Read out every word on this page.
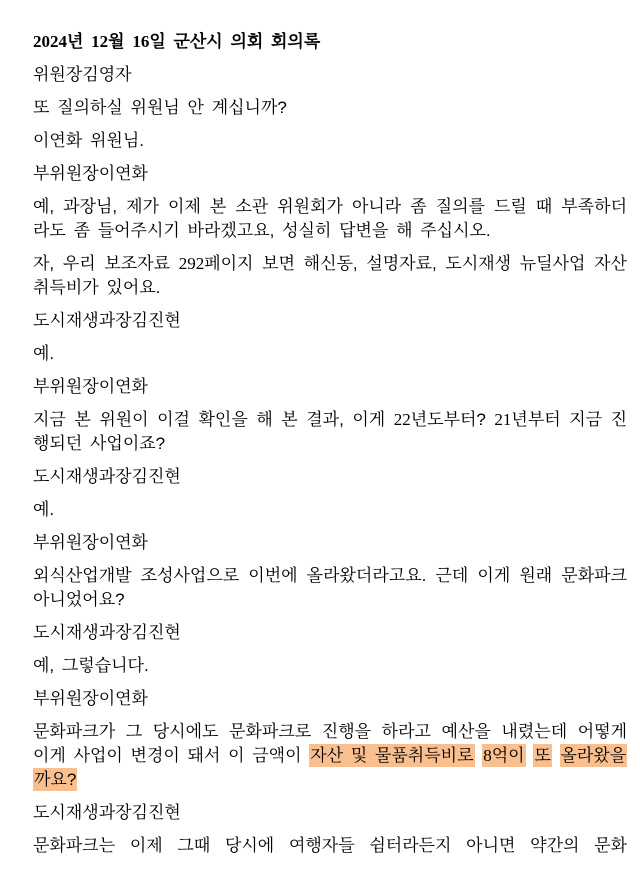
2024년 12월 16일 군산시 의회 회의록

위원장김영자

또 질의하실 위원님 안 계십니까?

이연화 위원님.

부위원장이연화

예, 과장님, 제가 이제 본 소관 위원회가 아니라 좀 질의를 드릴 때 부족하더라도 좀 들어주시기 바라겠고요, 성실히 답변을 해 주십시오.

자, 우리 보조자료 292페이지 보면 해신동, 설명자료, 도시재생 뉴딜사업 자산취득비가 있어요.

도시재생과장김진현

예.

부위원장이연화

지금 본 위원이 이걸 확인을 해 본 결과, 이게 22년도부터? 21년부터 지금 진행되던 사업이죠?

도시재생과장김진현

예.

부위원장이연화

외식산업개발 조성사업으로 이번에 올라왔더라고요. 근데 이게 원래 문화파크 아니었어요?

도시재생과장김진현

예, 그렇습니다.

부위원장이연화

문화파크가 그 당시에도 문화파크로 진행을 하라고 예산을 내렸는데 어떻게 이게 사업이 변경이 돼서 이 금액이 자산 및 물품취득비로 8억이 또 올라왔을까요?

도시재생과장김진현

문화파크는 이제 그때 당시에 여행자들 쉼터라든지 아니면 약간의 문화
